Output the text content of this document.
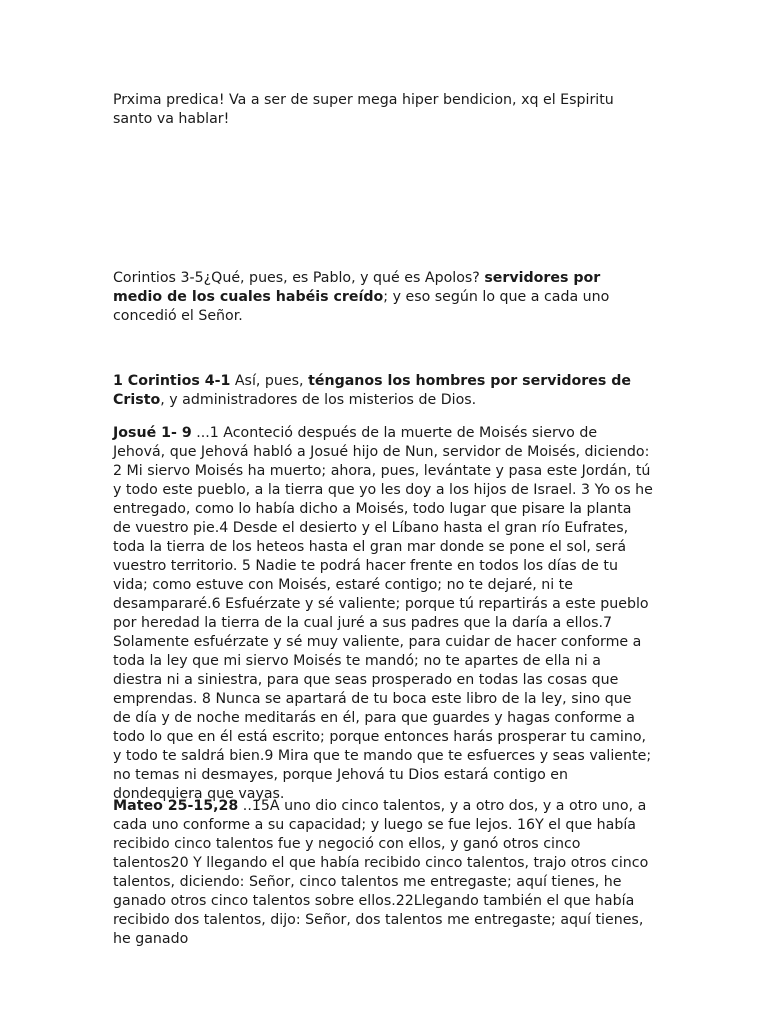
Prxima predica! Va a ser de super mega hiper bendicion, xq el Espiritu santo va hablar!

Corintios 3-5¿Qué, pues, es Pablo, y qué es Apolos? servidores por medio de los cuales habéis creído; y eso según lo que a cada uno concedió el Señor.

1 Corintios 4-1 Así, pues, ténganos los hombres por servidores de Cristo, y administradores de los misterios de Dios.

Josué 1- 9 ...1 Aconteció después de la muerte de Moisés siervo de Jehová, que Jehová habló a Josué hijo de Nun, servidor de Moisés, diciendo: 2 Mi siervo Moisés ha muerto; ahora, pues, levántate y pasa este Jordán, tú y todo este pueblo, a la tierra que yo les doy a los hijos de Israel. 3 Yo os he entregado, como lo había dicho a Moisés, todo lugar que pisare la planta de vuestro pie.4 Desde el desierto y el Líbano hasta el gran río Eufrates, toda la tierra de los heteos hasta el gran mar donde se pone el sol, será vuestro territorio. 5 Nadie te podrá hacer frente en todos los días de tu vida; como estuve con Moisés, estaré contigo; no te dejaré, ni te desampararé.6 Esfuérzate y sé valiente; porque tú repartirás a este pueblo por heredad la tierra de la cual juré a sus padres que la daría a ellos.7 Solamente esfuérzate y sé muy valiente, para cuidar de hacer conforme a toda la ley que mi siervo Moisés te mandó; no te apartes de ella ni a diestra ni a siniestra, para que seas prosperado en todas las cosas que emprendas. 8 Nunca se apartará de tu boca este libro de la ley, sino que de día y de noche meditarás en él, para que guardes y hagas conforme a todo lo que en él está escrito; porque entonces harás prosperar tu camino, y todo te saldrá bien.9 Mira que te mando que te esfuerces y seas valiente; no temas ni desmayes, porque Jehová tu Dios estará contigo en dondequiera que vayas.

Mateo 25-15,28 ..15A uno dio cinco talentos, y a otro dos, y a otro uno, a cada uno conforme a su capacidad; y luego se fue lejos. 16Y el que había recibido cinco talentos fue y negoció con ellos, y ganó otros cinco talentos20 Y llegando el que había recibido cinco talentos, trajo otros cinco talentos, diciendo: Señor, cinco talentos me entregaste; aquí tienes, he ganado otros cinco talentos sobre ellos.22Llegando también el que había recibido dos talentos, dijo: Señor, dos talentos me entregaste; aquí tienes, he ganado
